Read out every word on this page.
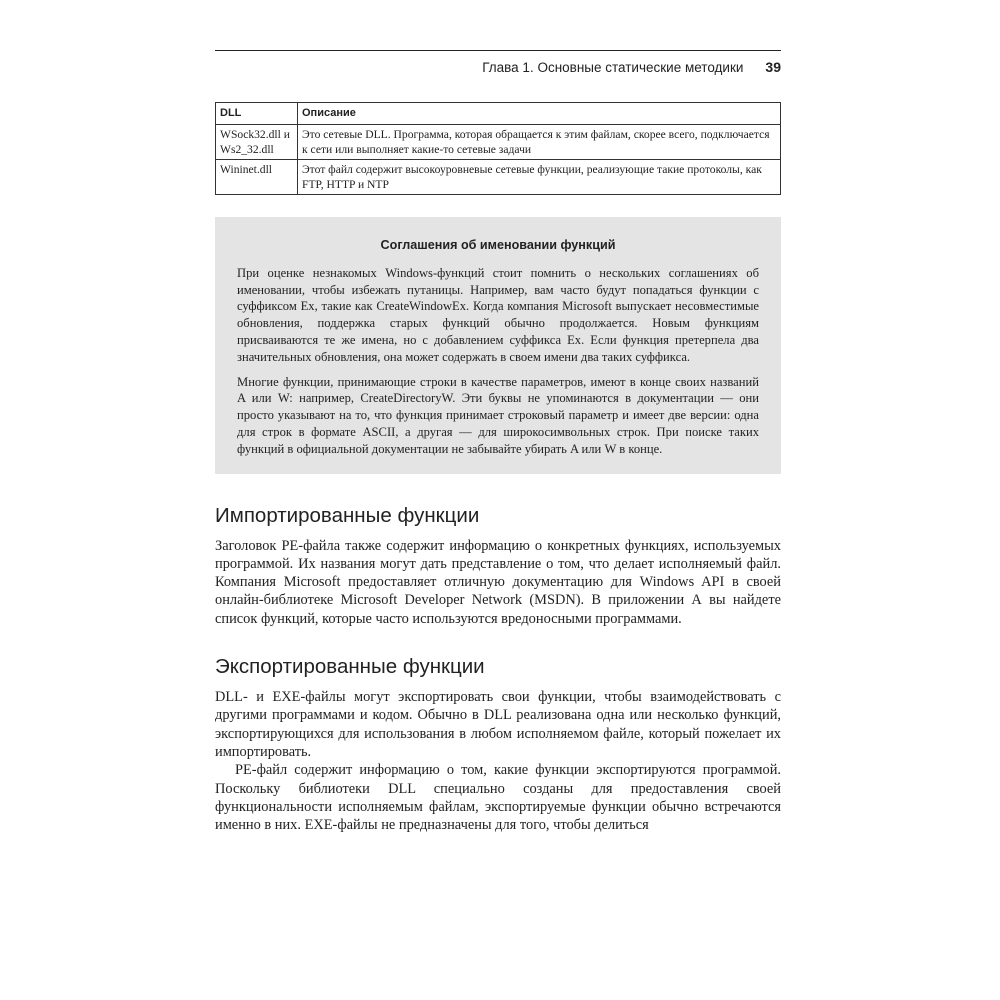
Глава 1. Основные статические методики 39
DLL	Описание
WSock32.dll и Ws2_32.dll	Это сетевые DLL. Программа, которая обращается к этим файлам, скорее всего, подключается к сети или выполняет какие-то сетевые задачи
Wininet.dll	Этот файл содержит высокоуровневые сетевые функции, реализующие такие протоколы, как FTP, HTTP и NTP
Соглашения об именовании функций

При оценке незнакомых Windows-функций стоит помнить о нескольких соглашениях об именовании, чтобы избежать путаницы. Например, вам часто будут попадаться функции с суффиксом Ex, такие как CreateWindowEx. Когда компания Microsoft выпускает несовместимые обновления, поддержка старых функций обычно продолжается. Новым функциям присваиваются те же имена, но с добавлением суффикса Ex. Если функция претерпела два значительных обновления, она может содержать в своем имени два таких суффикса.

Многие функции, принимающие строки в качестве параметров, имеют в конце своих названий A или W: например, CreateDirectoryW. Эти буквы не упоминаются в документации — они просто указывают на то, что функция принимает строковый параметр и имеет две версии: одна для строк в формате ASCII, а другая — для широкосимвольных строк. При поиске таких функций в официальной документации не забывайте убирать A или W в конце.

Импортированные функции

Заголовок PE-файла также содержит информацию о конкретных функциях, используемых программой. Их названия могут дать представление о том, что делает исполняемый файл. Компания Microsoft предоставляет отличную документацию для Windows API в своей онлайн-библиотеке Microsoft Developer Network (MSDN). В приложении А вы найдете список функций, которые часто используются вредоносными программами.

Экспортированные функции

DLL- и EXE-файлы могут экспортировать свои функции, чтобы взаимодействовать с другими программами и кодом. Обычно в DLL реализована одна или несколько функций, экспортирующихся для использования в любом исполняемом файле, который пожелает их импортировать.

PE-файл содержит информацию о том, какие функции экспортируются программой. Поскольку библиотеки DLL специально созданы для предоставления своей функциональности исполняемым файлам, экспортируемые функции обычно встречаются именно в них. EXE-файлы не предназначены для того, чтобы делиться
